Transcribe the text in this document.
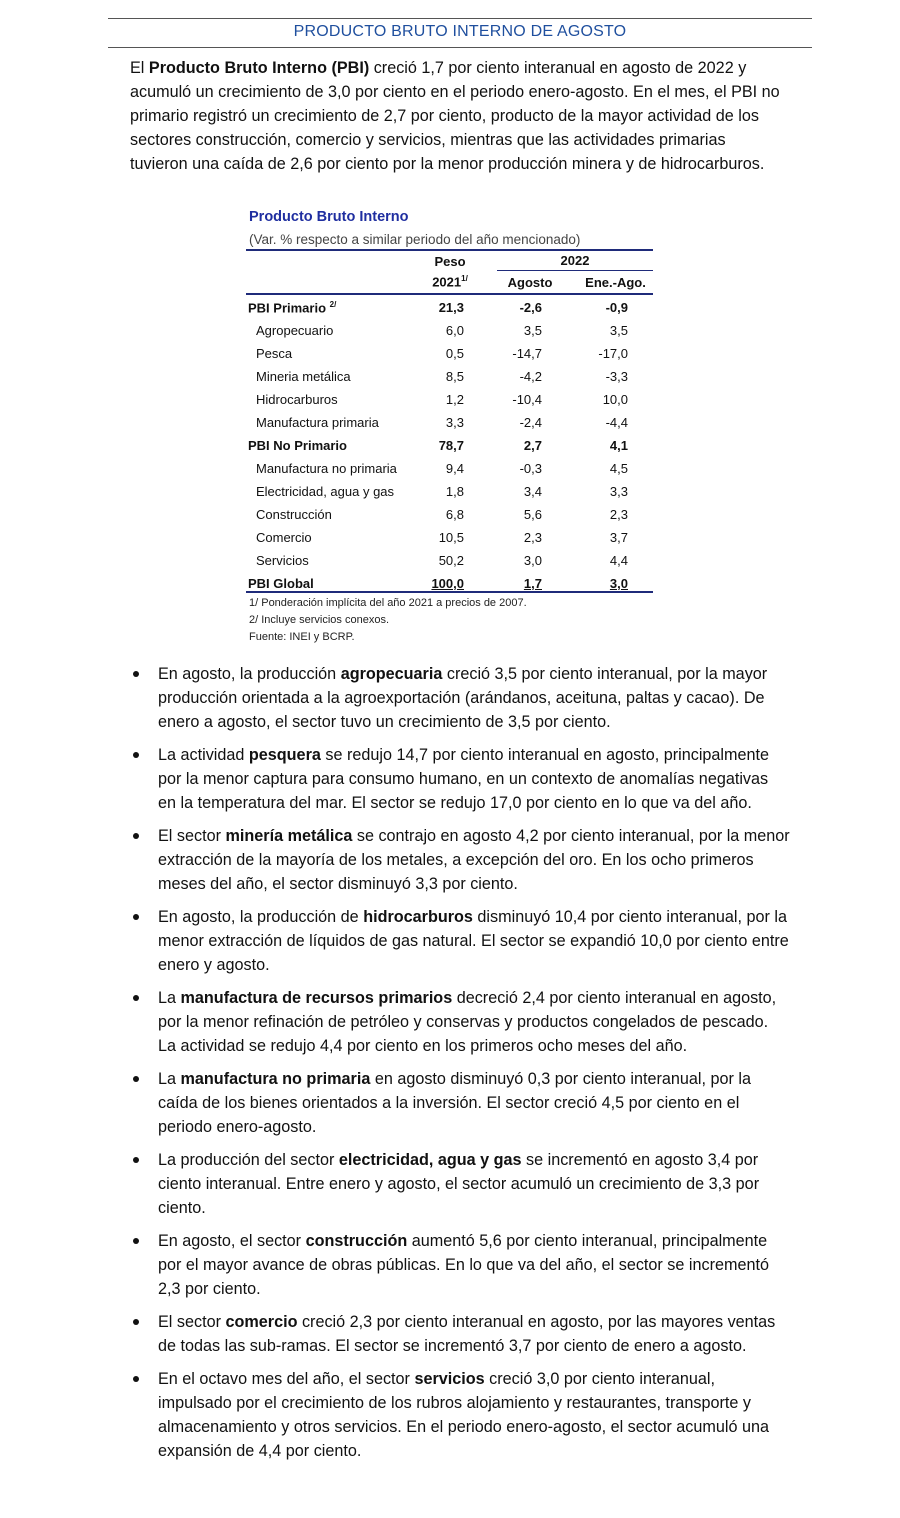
PRODUCTO BRUTO INTERNO DE AGOSTO
El Producto Bruto Interno (PBI) creció 1,7 por ciento interanual en agosto de 2022 y acumuló un crecimiento de 3,0 por ciento en el periodo enero-agosto. En el mes, el PBI no primario registró un crecimiento de 2,7 por ciento, producto de la mayor actividad de los sectores construcción, comercio y servicios, mientras que las actividades primarias tuvieron una caída de 2,6 por ciento por la menor producción minera y de hidrocarburos.
Producto Bruto Interno
(Var. % respecto a similar periodo del año mencionado)
Peso
$2021^{1/}$
2022
Agosto	Ene.-Ago.
PBI Primario $^{2/}$	21,3	-2,6	-0,9
Agropecuario	6,0	3,5	3,5
Pesca	0,5	-14,7	-17,0
Mineria metálica	8,5	-4,2	-3,3
Hidrocarburos	1,2	-10,4	10,0
Manufactura primaria	3,3	-2,4	-4,4
PBI No Primario	78,7	2,7	4,1
Manufactura no primaria	9,4	-0,3	4,5
Electricidad, agua y gas	1,8	3,4	3,3
Construcción	6,8	5,6	2,3
Comercio	10,5	2,3	3,7
Servicios	50,2	3,0	4,4
PBI Global	100,0	1,7	3,0
1/ Ponderación implícita del año 2021 a precios de 2007.
2/ Incluye servicios conexos.
Fuente: INEI y BCRP.
En agosto, la producción agropecuaria creció 3,5 por ciento interanual, por la mayor producción orientada a la agroexportación (arándanos, aceituna, paltas y cacao). De enero a agosto, el sector tuvo un crecimiento de 3,5 por ciento.
La actividad pesquera se redujo 14,7 por ciento interanual en agosto, principalmente por la menor captura para consumo humano, en un contexto de anomalías negativas en la temperatura del mar. El sector se redujo 17,0 por ciento en lo que va del año.
El sector minería metálica se contrajo en agosto 4,2 por ciento interanual, por la menor extracción de la mayoría de los metales, a excepción del oro. En los ocho primeros meses del año, el sector disminuyó 3,3 por ciento.
En agosto, la producción de hidrocarburos disminuyó 10,4 por ciento interanual, por la menor extracción de líquidos de gas natural. El sector se expandió 10,0 por ciento entre enero y agosto.
La manufactura de recursos primarios decreció 2,4 por ciento interanual en agosto, por la menor refinación de petróleo y conservas y productos congelados de pescado. La actividad se redujo 4,4 por ciento en los primeros ocho meses del año.
La manufactura no primaria en agosto disminuyó 0,3 por ciento interanual, por la caída de los bienes orientados a la inversión. El sector creció 4,5 por ciento en el periodo enero-agosto.
La producción del sector electricidad, agua y gas se incrementó en agosto 3,4 por ciento interanual. Entre enero y agosto, el sector acumuló un crecimiento de 3,3 por ciento.
En agosto, el sector construcción aumentó 5,6 por ciento interanual, principalmente por el mayor avance de obras públicas. En lo que va del año, el sector se incrementó 2,3 por ciento.
El sector comercio creció 2,3 por ciento interanual en agosto, por las mayores ventas de todas las sub-ramas. El sector se incrementó 3,7 por ciento de enero a agosto.
En el octavo mes del año, el sector servicios creció 3,0 por ciento interanual, impulsado por el crecimiento de los rubros alojamiento y restaurantes, transporte y almacenamiento y otros servicios. En el periodo enero-agosto, el sector acumuló una expansión de 4,4 por ciento.
